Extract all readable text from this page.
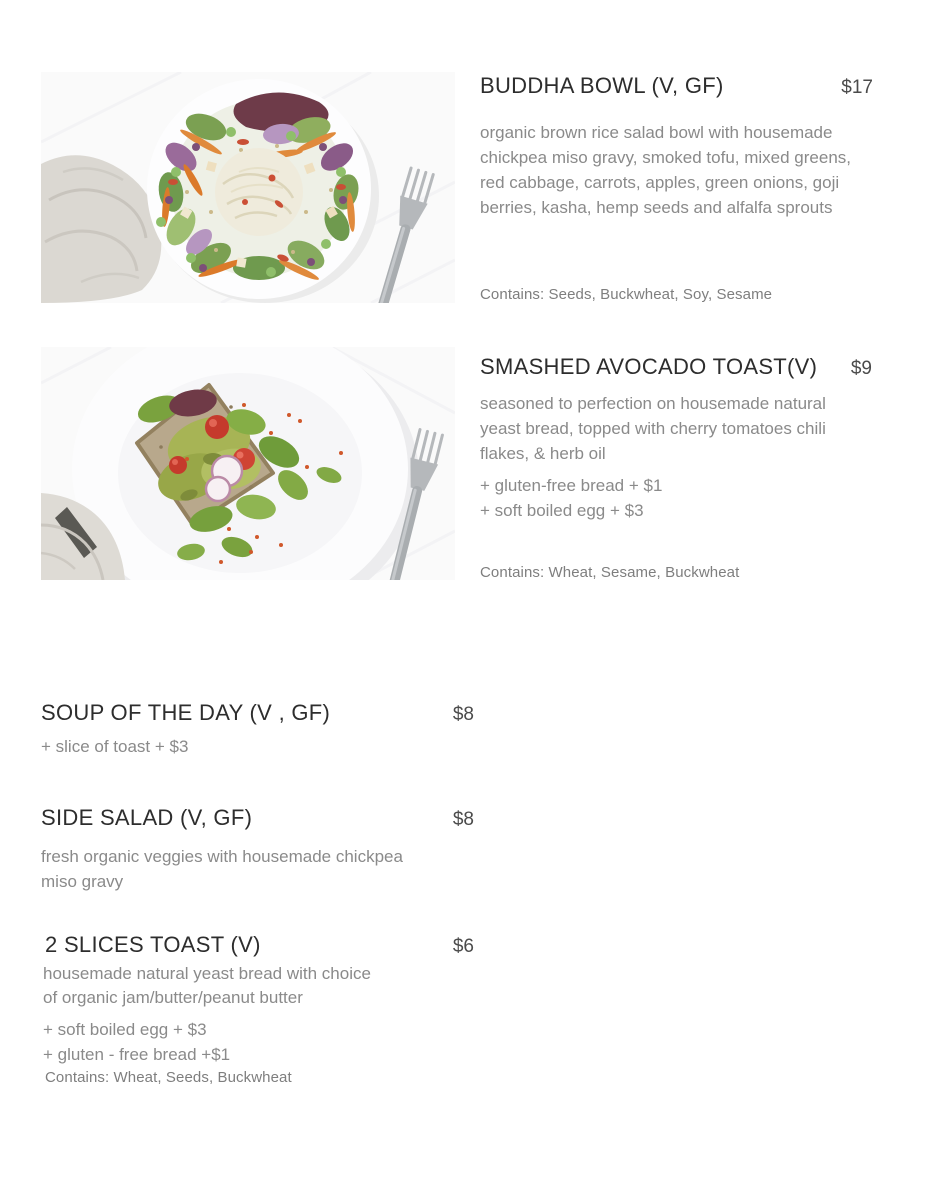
BUDDHA BOWL (V, GF)	$17

organic brown rice salad bowl with housemade chickpea miso gravy, smoked tofu, mixed greens, red cabbage, carrots, apples, green onions, goji berries, kasha, hemp seeds and alfalfa sprouts

Contains: Seeds, Buckwheat, Soy, Sesame
SMASHED AVOCADO TOAST(V) $9

seasoned to perfection on housemade natural yeast bread, topped with cherry tomatoes chili flakes, & herb oil

+ gluten-free bread + $1
+ soft boiled egg + $3
Contains: Wheat, Sesame, Buckwheat
SOUP OF THE DAY (V , GF)	$8
+ slice of toast + $3
SIDE SALAD (V, GF)	$8

fresh organic veggies with housemade chickpea miso gravy

2 SLICES TOAST (V)	$6

housemade natural yeast bread with choice of organic jam/butter/peanut butter

+ soft boiled egg + $3
+ gluten - free bread +$1
Contains: Wheat, Seeds, Buckwheat
